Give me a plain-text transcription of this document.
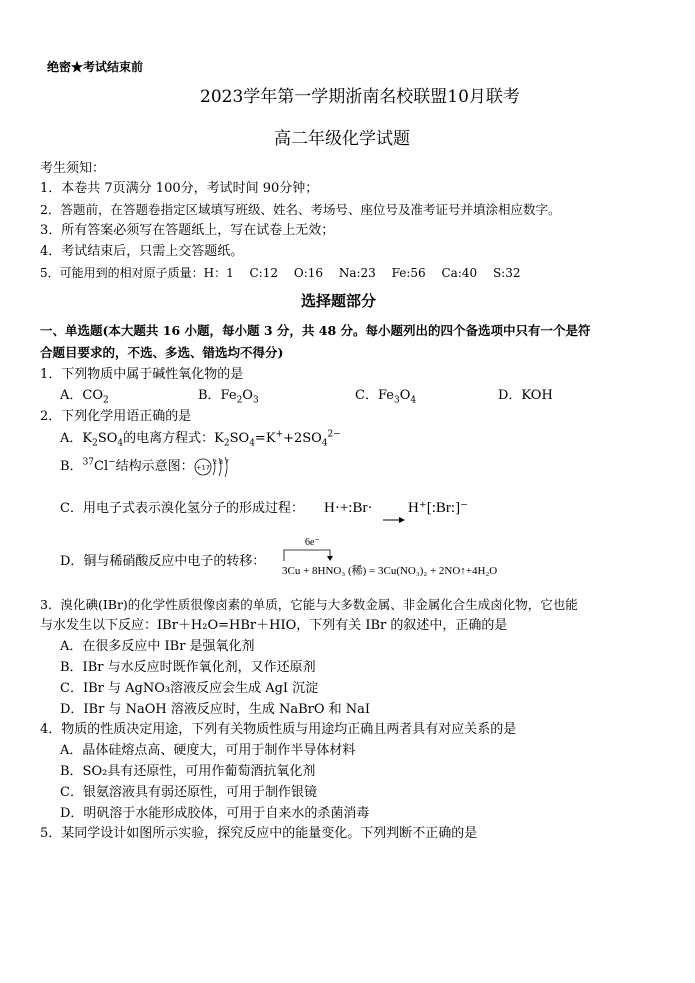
绝密★考试结束前
2023学年第一学期浙南名校联盟10月联考
高二年级化学试题
考生须知：
1．本卷共 7页满分 100分，考试时间 90分钟；
2．答题前，在答题卷指定区域填写班级、姓名、考场号、座位号及准考证号并填涂相应数字。
3．所有答案必须写在答题纸上，写在试卷上无效；
4．考试结束后，只需上交答题纸。
5．可能用到的相对原子质量：H：1　 C:12　 O:16　 Na:23　 Fe:56　 Ca:40　 S:32
选择题部分
一、单选题(本大题共 16 小题，每小题 3 分，共 48 分。每小题列出的四个备选项中只有一个是符
合题目要求的，不选、多选、错选均不得分)
1．下列物质中属于碱性氧化物的是
A．$CO_2$	B．$Fe_2O_3$	C．$Fe_3O_4$	D．KOH
2．下列化学用语正确的是
A．$K_2SO_4$的电离方程式：$K_2SO_4=K^++2SO_4^{2-}$
B．$^{37}$Cl−结构示意图： +17
2 8 7
C．用电子式表示溴化氢分子的形成过程： H·+:Br· → H⁺[:Br:]⁻
D．铜与稀硝酸反应中电子的转移：
6e⁻
3Cu + 8HNO₃ (稀) = 3Cu(NO₃)₂ + 2NO↑+4H₂O
3．溴化碘(IBr)的化学性质很像卤素的单质，它能与大多数金属、非金属化合生成卤化物，它也能
与水发生以下反应：IBr＋H₂O=HBr＋HIO，下列有关 IBr 的叙述中，正确的是
A．在很多反应中 IBr 是强氧化剂
B．IBr 与水反应时既作氧化剂，又作还原剂
C．IBr 与 AgNO₃溶液反应会生成 AgI 沉淀
D．IBr 与 NaOH 溶液反应时，生成 NaBrO 和 NaI
4．物质的性质决定用途，下列有关物质性质与用途均正确且两者具有对应关系的是
A．晶体硅熔点高、硬度大，可用于制作半导体材料
B．SO₂具有还原性，可用作葡萄酒抗氧化剂
C．银氨溶液具有弱还原性，可用于制作银镜
D．明矾溶于水能形成胶体，可用于自来水的杀菌消毒
5．某同学设计如图所示实验，探究反应中的能量变化。下列判断不正确的是
